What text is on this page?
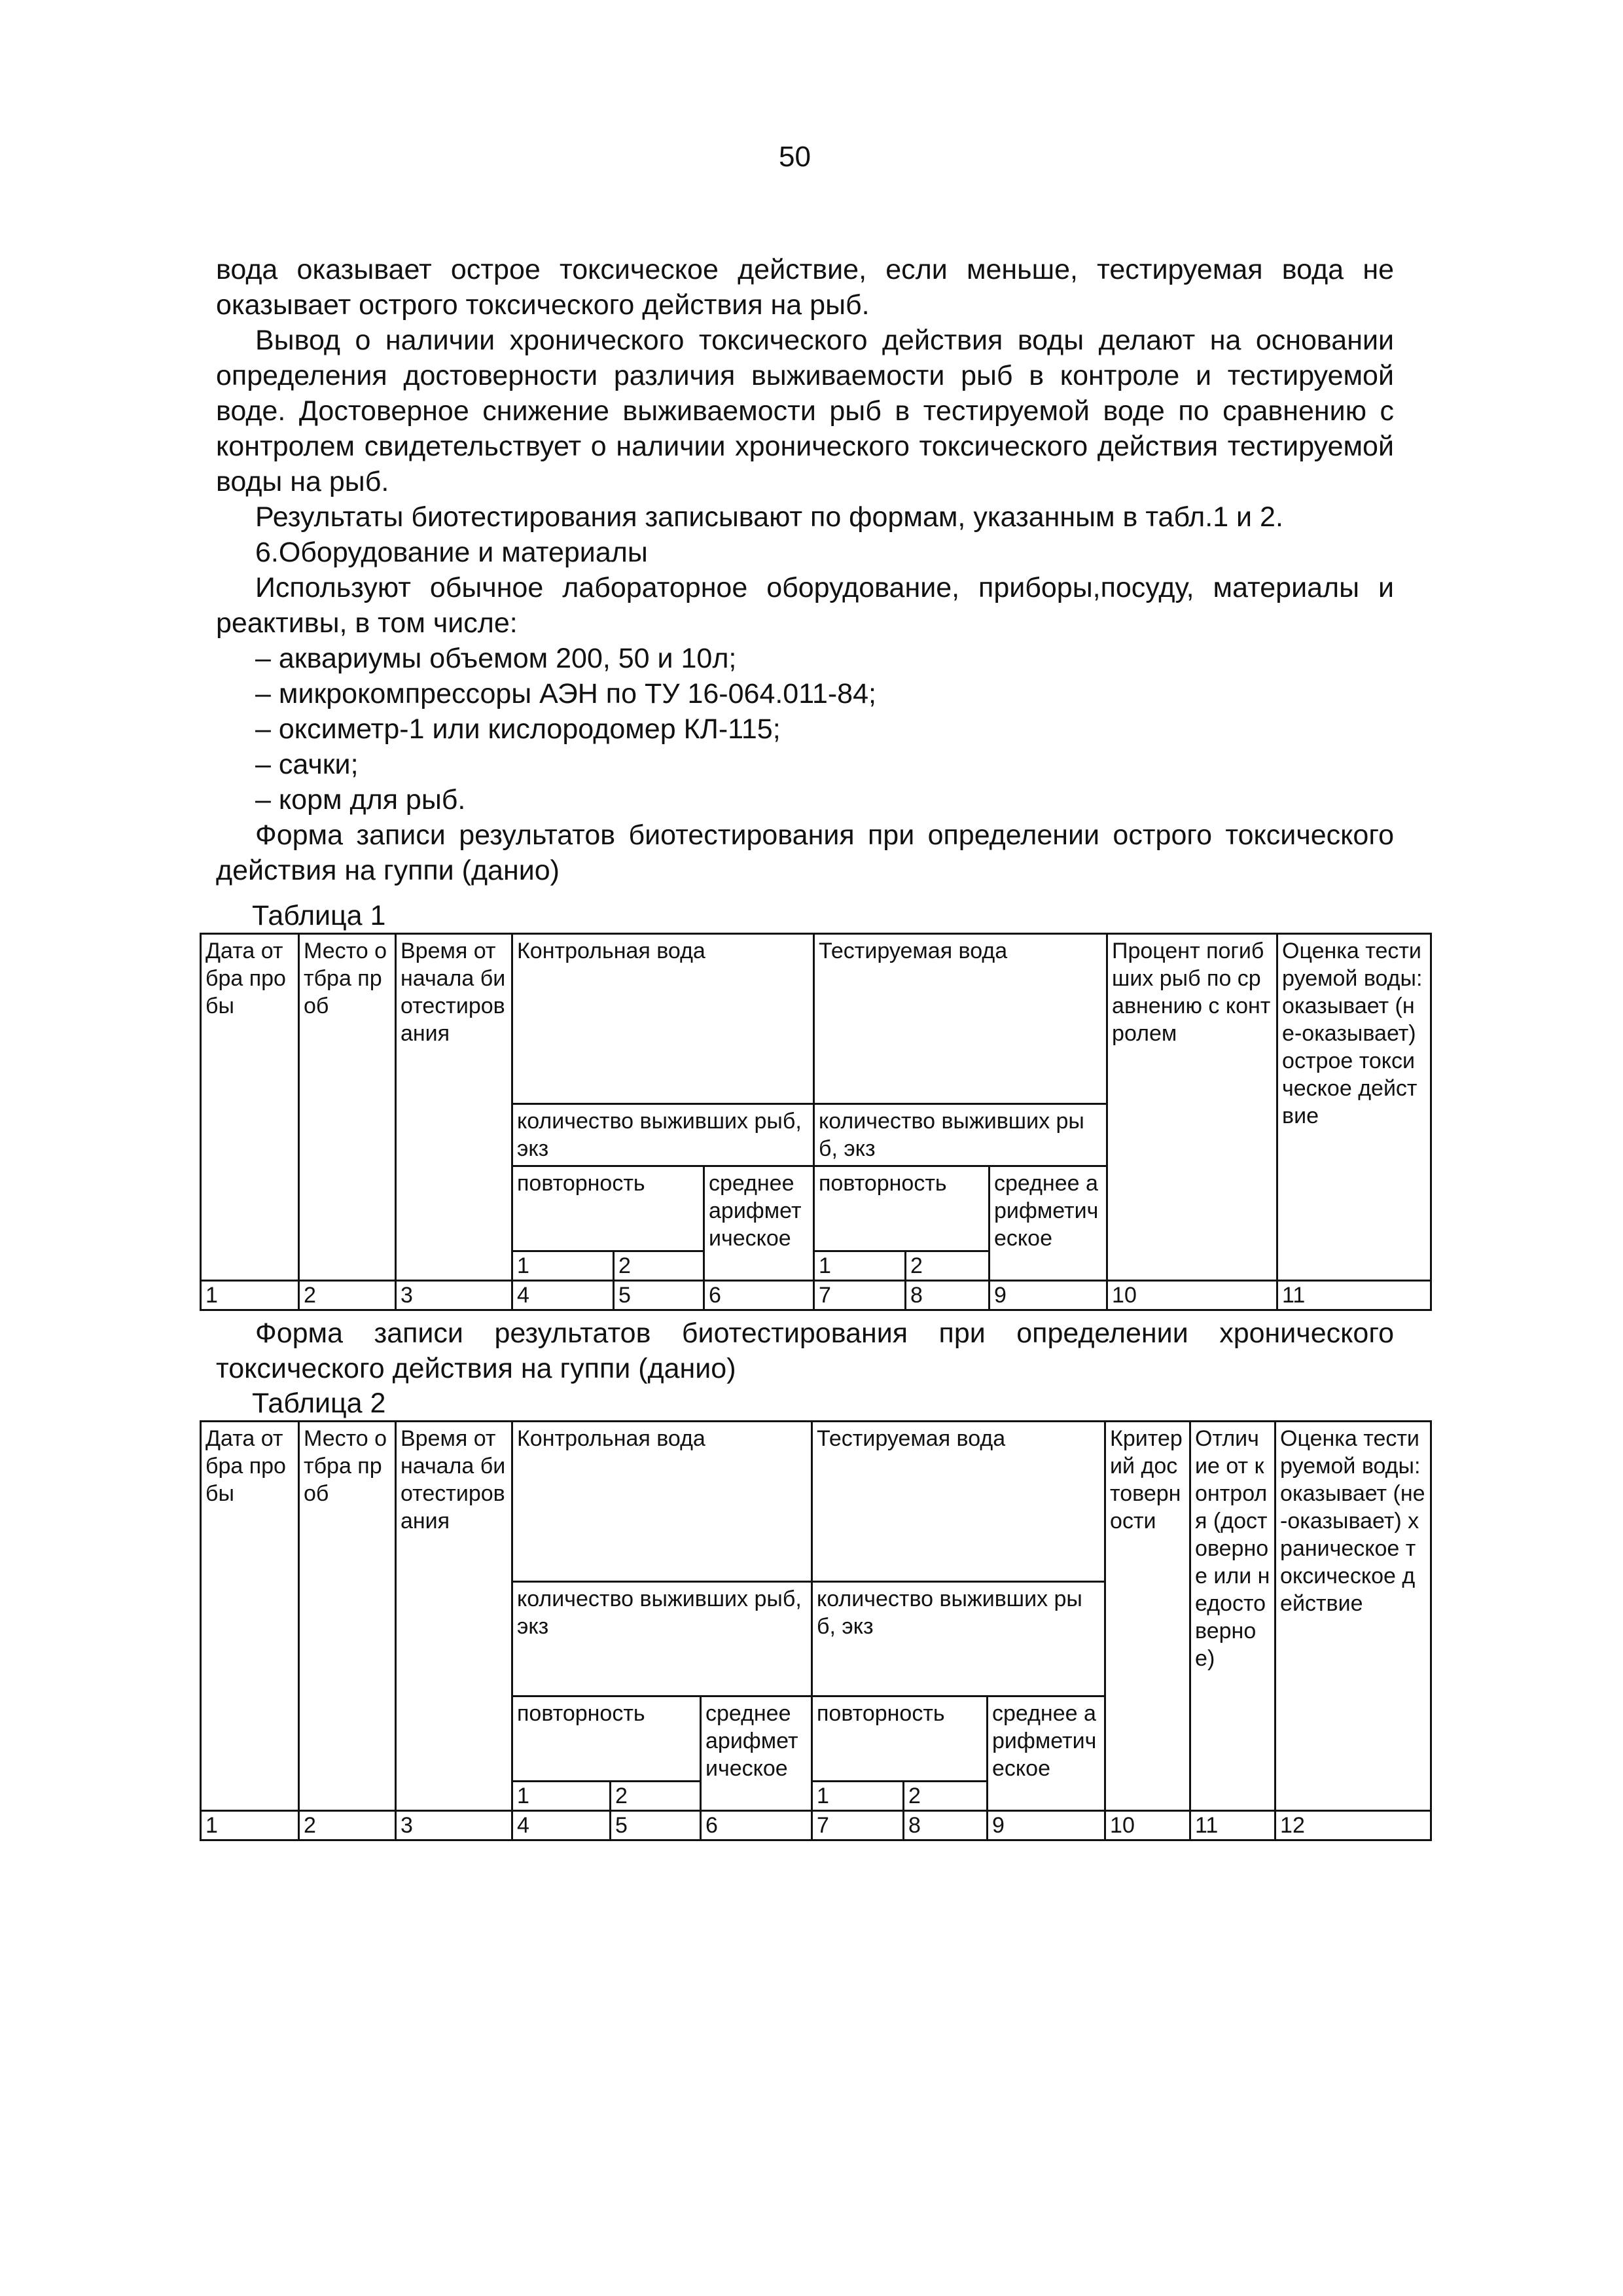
50

вода оказывает острое токсическое действие, если меньше, тестируемая вода не оказывает острого токсического действия на рыб.

Вывод о наличии хронического токсического действия воды делают на основании определения достоверности различия выживаемости рыб в контроле и тестируемой воде. Достоверное снижение выживаемости рыб в тестируемой воде по сравнению с контролем свидетельствует о наличии хронического токсического действия тестируемой воды на рыб.

Результаты биотестирования записывают по формам, указанным в табл.1 и 2.

6.Оборудование и материалы

Используют обычное лабораторное оборудование, приборы,посуду, материалы и реактивы, в том числе:

– аквариумы объемом 200, 50 и 10л;
– микрокомпрессоры АЭН по ТУ 16-064.011-84;
– оксиметр-1 или кислородомер КЛ-115;
– сачки;
– корм для рыб.

Форма записи результатов биотестирования при определении острого токсического действия на гуппи (данио)

Таблица 1
Дата отбра пробы	Место отбра проб	Время от начала биотестирования	Контрольная вода			Тестируемая вода			Процент погибших рыб по сравнению с контролем	Оценка тестируемой воды: оказывает (не-оказывает) острое токсическое действие
			количество выживших рыб, экз			количество выживших рыб, экз				
			повторность		среднее арифметическое	повторность		среднее арифметическое		
			1	2		1	2			
1	2	3	4	5	6	7	8	9	10	11

Форма записи результатов биотестирования при определении хронического токсического действия на гуппи (данио)

Таблица 2
Дата отбра пробы	Место отбра проб	Время от начала биотестирования	Контрольная вода			Тестируемая вода			Критерий достоверности	Отличие от контроля (достоверное или недостоверное)	Оценка тестируемой воды: оказывает (не-оказывает) храническое токсическое действие
			количество выживших рыб, экз			количество выживших рыб, экз					
			повторность		среднее арифметическое	повторность		среднее арифметическое			
			1	2		1	2				
1	2	3	4	5	6	7	8	9	10	11	12
